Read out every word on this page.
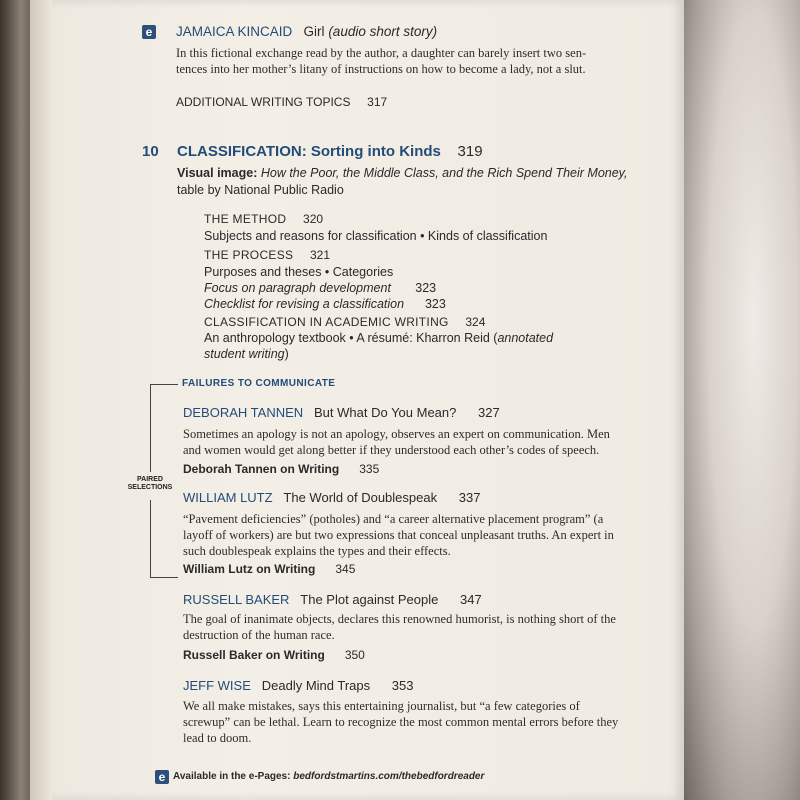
e JAMAICA KINCAID Girl (audio short story)
In this fictional exchange read by the author, a daughter can barely insert two sen-
tences into her mother’s litany of instructions on how to become a lady, not a slut.
ADDITIONAL WRITING TOPICS 317
10 CLASSIFICATION: Sorting into Kinds 319
Visual image: How the Poor, the Middle Class, and the Rich Spend Their Money,
table by National Public Radio
THE METHOD 320
Subjects and reasons for classification • Kinds of classification
THE PROCESS 321
Purposes and theses • Categories
Focus on paragraph development 323
Checklist for revising a classification 323
CLASSIFICATION IN ACADEMIC WRITING 324
An anthropology textbook • A résumé: Kharron Reid (annotated
student writing)
PAIRED
SELECTIONS
FAILURES TO COMMUNICATE
DEBORAH TANNEN But What Do You Mean? 327
Sometimes an apology is not an apology, observes an expert on communication. Men
and women would get along better if they understood each other’s codes of speech.
Deborah Tannen on Writing 335
WILLIAM LUTZ The World of Doublespeak 337
“Pavement deficiencies” (potholes) and “a career alternative placement program” (a
layoff of workers) are but two expressions that conceal unpleasant truths. An expert in
such doublespeak explains the types and their effects.
William Lutz on Writing 345
RUSSELL BAKER The Plot against People 347
The goal of inanimate objects, declares this renowned humorist, is nothing short of the
destruction of the human race.
Russell Baker on Writing 350
JEFF WISE Deadly Mind Traps 353
We all make mistakes, says this entertaining journalist, but “a few categories of
screwup” can be lethal. Learn to recognize the most common mental errors before they
lead to doom.
e Available in the e-Pages: bedfordstmartins.com/thebedfordreader
